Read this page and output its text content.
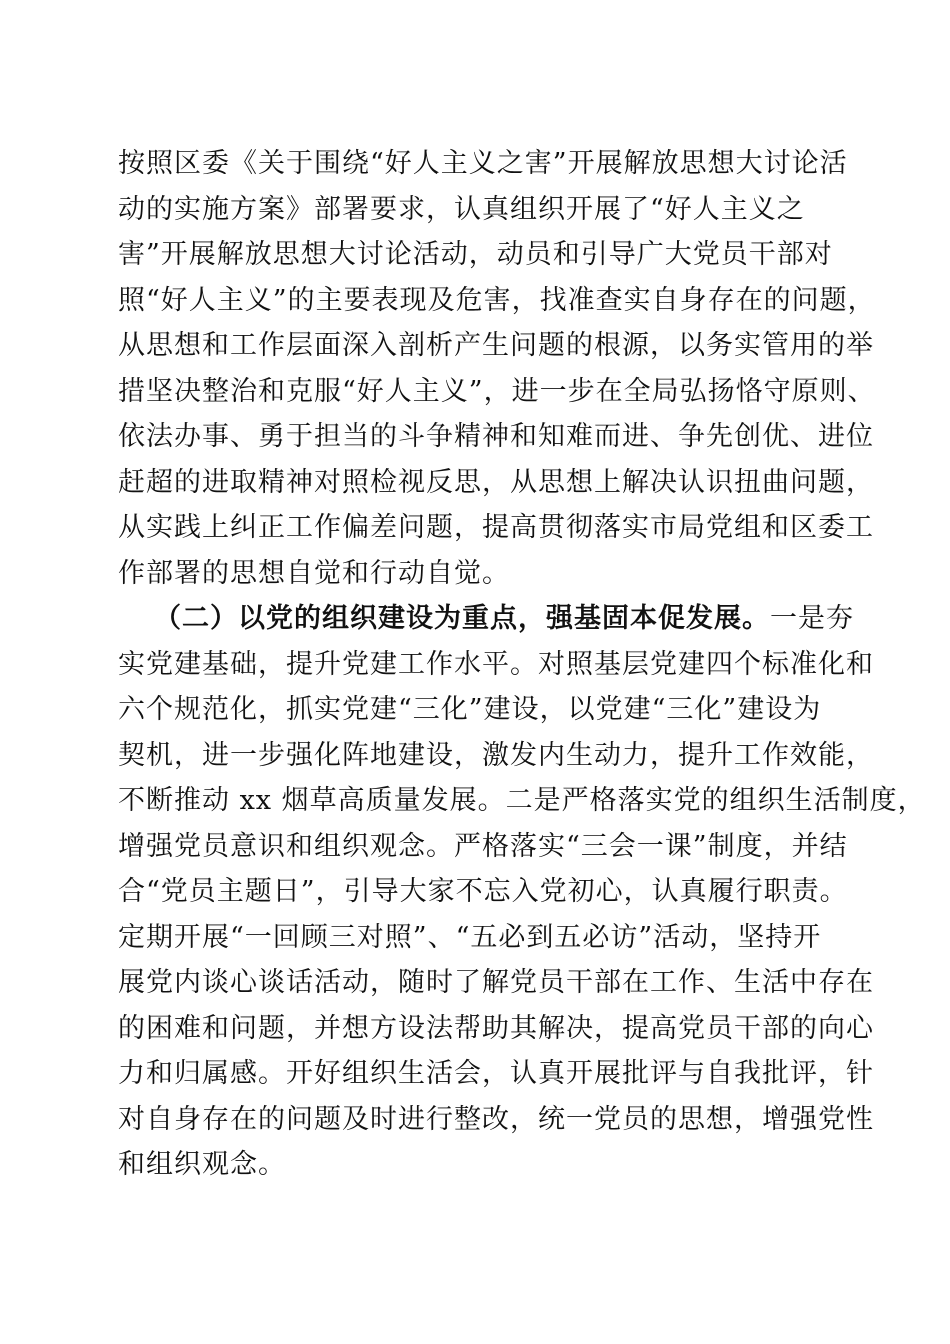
按照区委《关于围绕“好人主义之害”开展解放思想大讨论活
动的实施方案》部署要求，认真组织开展了“好人主义之
害”开展解放思想大讨论活动，动员和引导广大党员干部对
照“好人主义”的主要表现及危害，找准查实自身存在的问题，
从思想和工作层面深入剖析产生问题的根源，以务实管用的举
措坚决整治和克服“好人主义”，进一步在全局弘扬恪守原则、
依法办事、勇于担当的斗争精神和知难而进、争先创优、进位
赶超的进取精神对照检视反思，从思想上解决认识扭曲问题，
从实践上纠正工作偏差问题，提高贯彻落实市局党组和区委工
作部署的思想自觉和行动自觉。
（二）以党的组织建设为重点，强基固本促发展。一是夯
实党建基础，提升党建工作水平。对照基层党建四个标准化和
六个规范化，抓实党建“三化”建设，以党建“三化”建设为
契机，进一步强化阵地建设，激发内生动力，提升工作效能，
不断推动 xx 烟草高质量发展。二是严格落实党的组织生活制度，
增强党员意识和组织观念。严格落实“三会一课”制度，并结
合“党员主题日”，引导大家不忘入党初心，认真履行职责。
定期开展“一回顾三对照”、“五必到五必访”活动，坚持开
展党内谈心谈话活动，随时了解党员干部在工作、生活中存在
的困难和问题，并想方设法帮助其解决，提高党员干部的向心
力和归属感。开好组织生活会，认真开展批评与自我批评，针
对自身存在的问题及时进行整改，统一党员的思想，增强党性
和组织观念。
